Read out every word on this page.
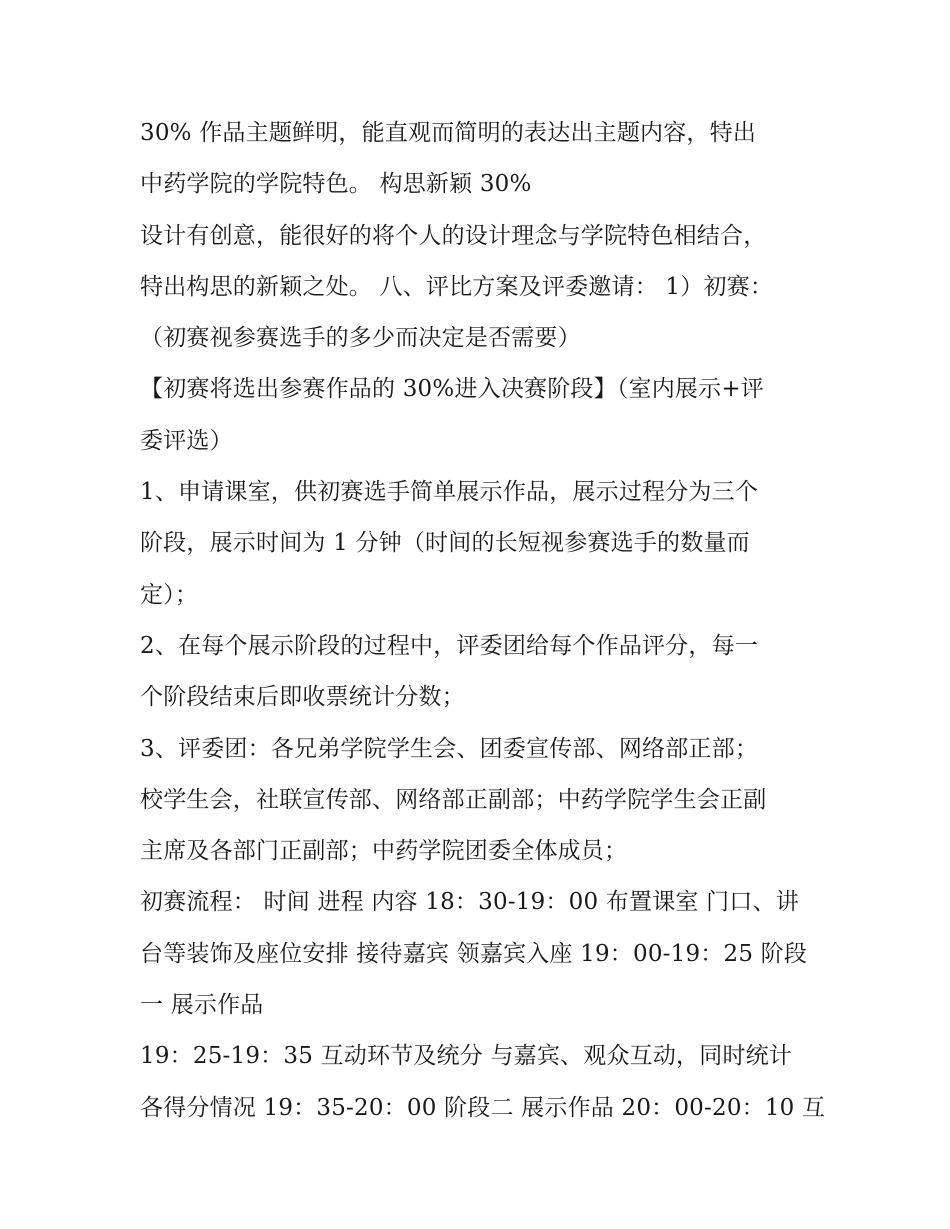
30% 作品主题鲜明，能直观而简明的表达出主题内容，特出
中药学院的学院特色。 构思新颖 30%
设计有创意，能很好的将个人的设计理念与学院特色相结合，
特出构思的新颖之处。 八、评比方案及评委邀请： 1）初赛：
（初赛视参赛选手的多少而决定是否需要）
【初赛将选出参赛作品的 30%进入决赛阶段】（室内展示+评
委评选）
1、申请课室，供初赛选手简单展示作品，展示过程分为三个
阶段，展示时间为 1 分钟（时间的长短视参赛选手的数量而
定）；
2、在每个展示阶段的过程中，评委团给每个作品评分，每一
个阶段结束后即收票统计分数；
3、评委团：各兄弟学院学生会、团委宣传部、网络部正部；
校学生会，社联宣传部、网络部正副部；中药学院学生会正副
主席及各部门正副部；中药学院团委全体成员；
初赛流程： 时间 进程 内容 18：30-19：00 布置课室 门口、讲
台等装饰及座位安排 接待嘉宾 领嘉宾入座 19：00-19：25 阶段
一 展示作品
19：25-19：35 互动环节及统分 与嘉宾、观众互动，同时统计
各得分情况 19：35-20：00 阶段二 展示作品 20：00-20：10 互
